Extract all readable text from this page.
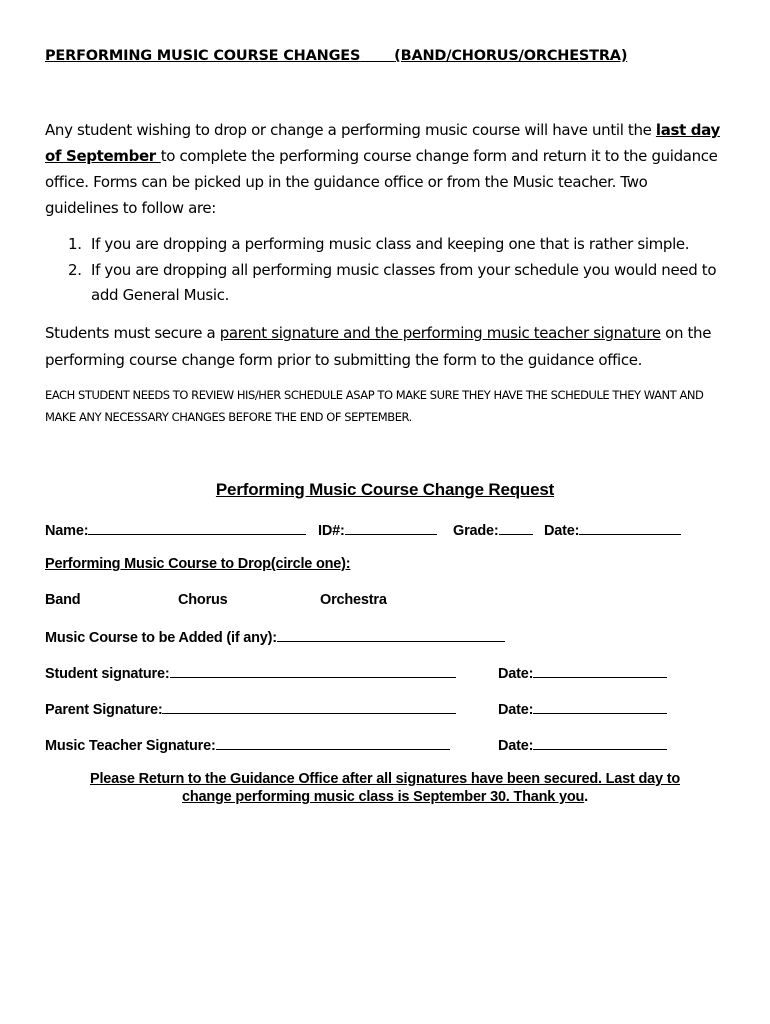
PERFORMING MUSIC COURSE CHANGES (BAND/CHORUS/ORCHESTRA)
Any student wishing to drop or change a performing music course will have until the last day of September to complete the performing course change form and return it to the guidance office. Forms can be picked up in the guidance office or from the Music teacher. Two guidelines to follow are:
1. If you are dropping a performing music class and keeping one that is rather simple.
2. If you are dropping all performing music classes from your schedule you would need to add General Music.
Students must secure a parent signature and the performing music teacher signature on the performing course change form prior to submitting the form to the guidance office.
EACH STUDENT NEEDS TO REVIEW HIS/HER SCHEDULE ASAP TO MAKE SURE THEY HAVE THE SCHEDULE THEY WANT AND MAKE ANY NECESSARY CHANGES BEFORE THE END OF SEPTEMBER.
Performing Music Course Change Request
Name:	ID#:	Grade:	Date:
Performing Music Course to Drop(circle one):
Band	Chorus	Orchestra
Music Course to be Added (if any):
Student signature:	Date:
Parent Signature:	Date:
Music Teacher Signature:	Date:
Please Return to the Guidance Office after all signatures have been secured. Last day to
change performing music class is September 30. Thank you.
